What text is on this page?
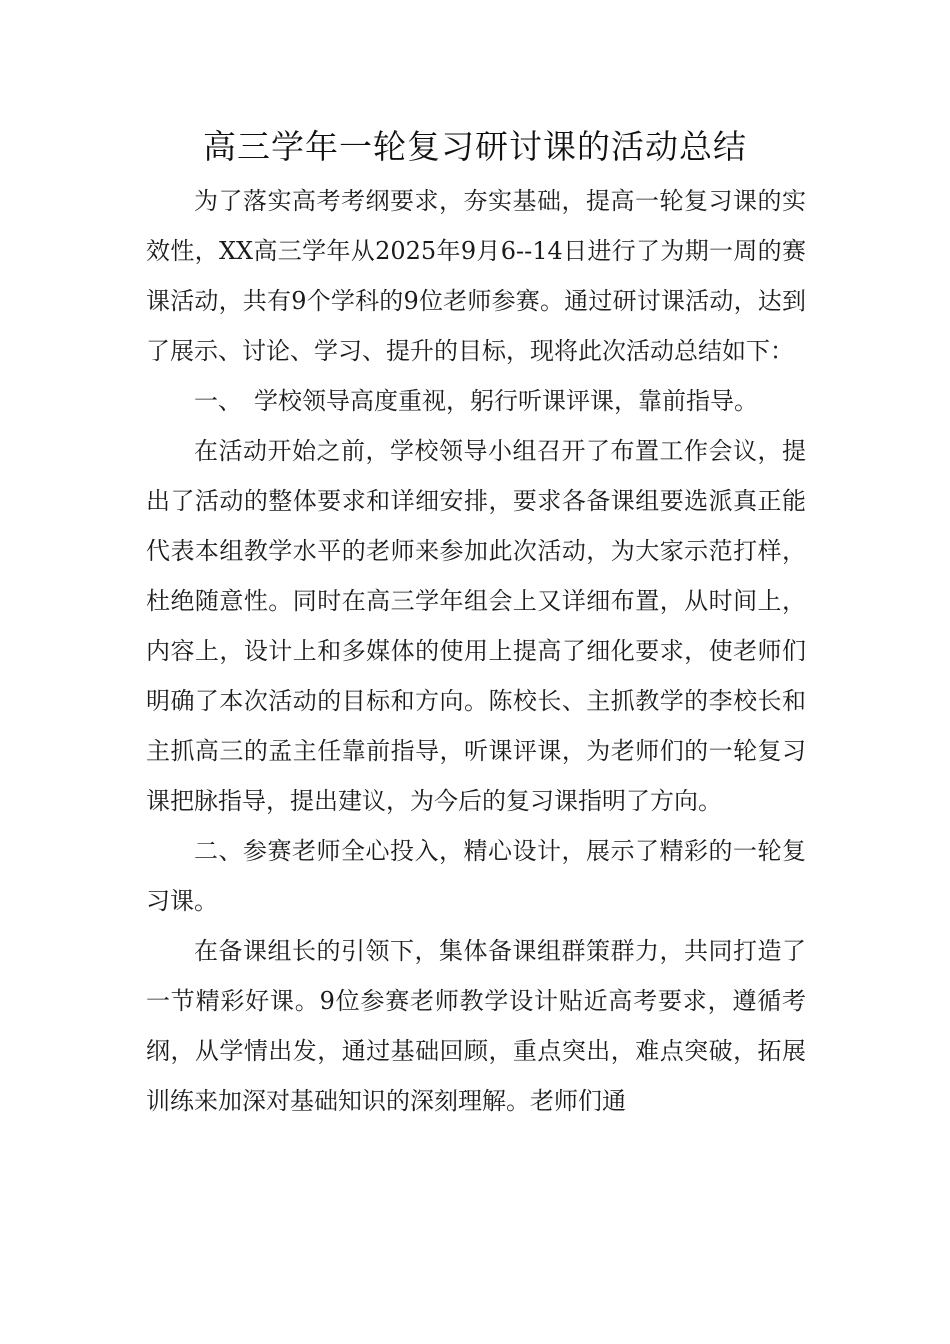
高三学年一轮复习研讨课的活动总结

为了落实高考考纲要求，夯实基础，提高一轮复习课的实效性，XX高三学年从2025年9月6--14日进行了为期一周的赛课活动，共有9个学科的9位老师参赛。通过研讨课活动，达到了展示、讨论、学习、提升的目标，现将此次活动总结如下：

一、　学校领导高度重视，躬行听课评课，靠前指导。

在活动开始之前，学校领导小组召开了布置工作会议，提出了活动的整体要求和详细安排，要求各备课组要选派真正能代表本组教学水平的老师来参加此次活动，为大家示范打样，杜绝随意性。同时在高三学年组会上又详细布置，从时间上，内容上，设计上和多媒体的使用上提高了细化要求，使老师们明确了本次活动的目标和方向。陈校长、主抓教学的李校长和主抓高三的孟主任靠前指导，听课评课，为老师们的一轮复习课把脉指导，提出建议，为今后的复习课指明了方向。

二、参赛老师全心投入，精心设计，展示了精彩的一轮复习课。

在备课组长的引领下，集体备课组群策群力，共同打造了一节精彩好课。9位参赛老师教学设计贴近高考要求，遵循考纲，从学情出发，通过基础回顾，重点突出，难点突破，拓展训练来加深对基础知识的深刻理解。老师们通
